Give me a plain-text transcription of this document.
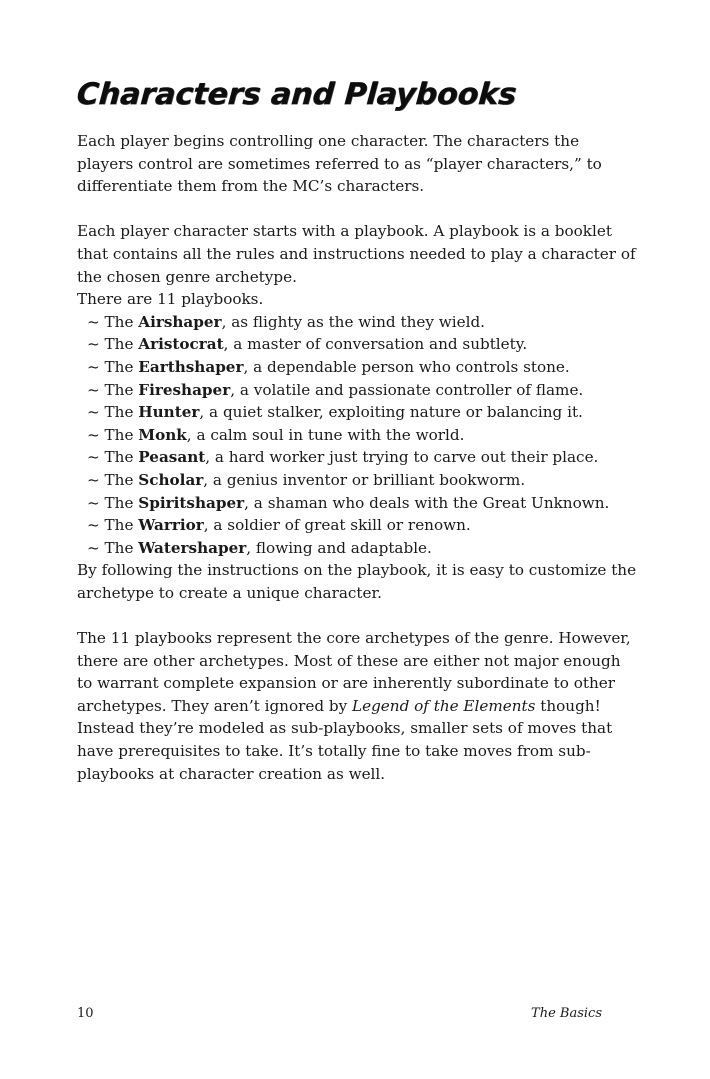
Characters and Playbooks

Each player begins controlling one character. The characters the players control are sometimes referred to as “player characters,” to differentiate them from the MC’s characters.

Each player character starts with a playbook. A playbook is a booklet that contains all the rules and instructions needed to play a character of the chosen genre archetype.

There are 11 playbooks.

~ The Airshaper, as flighty as the wind they wield.
~ The Aristocrat, a master of conversation and subtlety.
~ The Earthshaper, a dependable person who controls stone.
~ The Fireshaper, a volatile and passionate controller of flame.
~ The Hunter, a quiet stalker, exploiting nature or balancing it.
~ The Monk, a calm soul in tune with the world.
~ The Peasant, a hard worker just trying to carve out their place.
~ The Scholar, a genius inventor or brilliant bookworm.
~ The Spiritshaper, a shaman who deals with the Great Unknown.
~ The Warrior, a soldier of great skill or renown.
~ The Watershaper, flowing and adaptable.

By following the instructions on the playbook, it is easy to customize the archetype to create a unique character.

The 11 playbooks represent the core archetypes of the genre. However, there are other archetypes. Most of these are either not major enough to warrant complete expansion or are inherently subordinate to other archetypes. They aren’t ignored by Legend of the Elements though!

Instead they’re modeled as sub-playbooks, smaller sets of moves that have prerequisites to take. It’s totally fine to take moves from sub-playbooks at character creation as well.

10	The Basics
